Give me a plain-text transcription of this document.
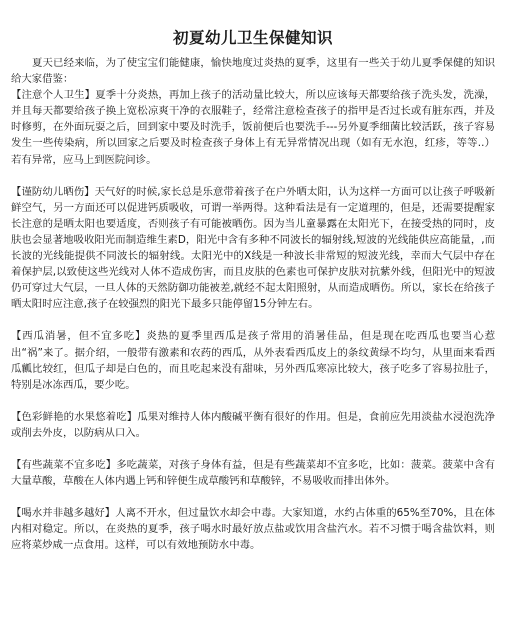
初夏幼儿卫生保健知识

夏天已经来临，为了使宝宝们能健康，愉快地度过炎热的夏季，这里有一些关于幼儿夏季保健的知识给大家借鉴：

【注意个人卫生】夏季十分炎热，再加上孩子的活动量比较大，所以应该每天都要给孩子洗头发，洗澡，并且每天都要给孩子换上宽松凉爽干净的衣服鞋子，经常注意检查孩子的指甲是否过长或有脏东西，并及时修剪，在外面玩耍之后，回到家中要及时洗手，饭前便后也要洗手---另外夏季细菌比较活跃，孩子容易发生一些传染病，所以回家之后要及时检查孩子身体上有无异常情况出现（如有无水泡，红疹，等等..）若有异常，应马上到医院问诊。

【谨防幼儿晒伤】天气好的时候,家长总是乐意带着孩子在户外晒太阳，认为这样一方面可以让孩子呼吸新鲜空气，另一方面还可以促进钙质吸收，可谓一举两得。这种看法是有一定道理的，但是，还需要提醒家长注意的是晒太阳也要适度，否则孩子有可能被晒伤。因为当儿童暴露在太阳光下，在接受热的同时，皮肤也会显著地吸收阳光而制造维生素D，阳光中含有多种不同波长的辐射线,短波的光线能供应高能量，,而长波的光线能提供不同波长的辐射线。太阳光中的X线是一种波长非常短的短波光线，幸而大气层中存在着保护层,以致使这些光线对人体不造成伤害，而且皮肤的色素也可保护皮肤对抗紫外线，但阳光中的短波仍可穿过大气层，一旦人体的天然防御功能被差,就经不起太阳照射，从而造成晒伤。所以，家长在给孩子晒太阳时应注意,孩子在较强烈的阳光下最多只能停留15分钟左右。

【西瓜消暑，但不宜多吃】炎热的夏季里西瓜是孩子常用的消暑佳品，但是现在吃西瓜也要当心惹出“祸”来了。据介绍，一般带有激素和农药的西瓜，从外表看西瓜皮上的条纹黄绿不均匀，从里面来看西瓜瓤比较红，但瓜子却是白色的，而且吃起来没有甜味，另外西瓜寒凉比较大，孩子吃多了容易拉肚子，特别是冰冻西瓜，要少吃。

【色彩鲜艳的水果悠着吃】瓜果对维持人体内酸碱平衡有很好的作用。但是，食前应先用淡盐水浸泡洗净或削去外皮，以防病从口入。

【有些蔬菜不宜多吃】多吃蔬菜，对孩子身体有益，但是有些蔬菜却不宜多吃，比如：菠菜。菠菜中含有大量草酸，草酸在人体内遇上钙和锌便生成草酸钙和草酸锌，不易吸收而排出体外。

【喝水并非越多越好】人离不开水，但过量饮水却会中毒。大家知道，水约占体重的65%至70%，且在体内相对稳定。所以，在炎热的夏季，孩子喝水时最好放点盐或饮用含盐汽水。若不习惯于喝含盐饮料，则应将菜炒咸一点食用。这样，可以有效地预防水中毒。
